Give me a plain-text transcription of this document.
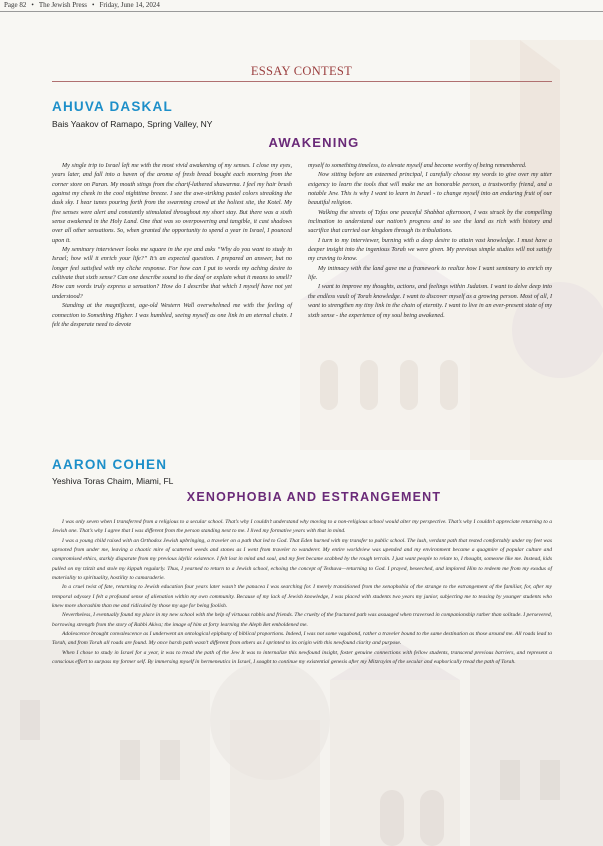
Page 82 • The Jewish Press • Friday, June 14, 2024
ESSAY CONTEST
AHUVA DASKAL
Bais Yaakov of Ramapo, Spring Valley, NY
AWAKENING

My single trip to Israel left me with the most vivid awakening of my senses. I close my eyes, years later, and fall into a haven of the aroma of fresh bread bought each morning from the corner store on Paran. My mouth stings from the charif-lathered shawarma. I feel my hair brush against my cheek in the cool nighttime breeze. I see the awe-striking pastel colors streaking the dusk sky. I hear tunes pouring forth from the swarming crowd at the holiest site, the Kotel. My five senses were alert and constantly stimulated throughout my short stay. But there was a sixth sense awakened in the Holy Land. One that was so overpowering and tangible, it cast shadows over all other sensations. So, when granted the opportunity to spend a year in Israel, I pounced upon it.

My seminary interviewer looks me square in the eye and asks “Why do you want to study in Israel; how will it enrich your life?” It’s an expected question. I prepared an answer, but no longer feel satisfied with my cliche response. For how can I put to words my aching desire to cultivate that sixth sense? Can one describe sound to the deaf or explain what it means to smell? How can words truly express a sensation? How do I describe that which I myself have not yet understood?

Standing at the magnificent, age-old Western Wall overwhelmed me with the feeling of connection to Something Higher. I was humbled, seeing myself as one link in an eternal chain. I felt the desperate need to devote

myself to something timeless, to elevate myself and become worthy of being remembered.

Now sitting before an esteemed principal, I carefully choose my words to give over my utter exigency to learn the tools that will make me an honorable person, a trustworthy friend, and a notable Jew. This is why I want to learn in Israel - to change myself into an enduring fruit of our beautiful religion.

Walking the streets of Tzfas one peaceful Shabbat afternoon, I was struck by the compelling inclination to understand our nation’s progress and to see the land as rich with history and sacrifice that carried our kingdom through its tribulations.

I turn to my interviewer, burning with a deep desire to attain vast knowledge. I must have a deeper insight into the ingenious Torah we were given. My previous simple studies will not satisfy my craving to know.

My intimacy with the land gave me a framework to realize how I want seminary to enrich my life.

I want to improve my thoughts, actions, and feelings within Judaism. I want to delve deep into the endless vault of Torah knowledge. I want to discover myself as a growing person. Most of all, I want to strengthen my tiny link in the chain of eternity. I want to live in an ever-present state of my sixth sense - the experience of my soul being awakened.

AARON COHEN
Yeshiva Toras Chaim, Miami, FL
XENOPHOBIA AND ESTRANGEMENT

I was only seven when I transferred from a religious to a secular school. That’s why I couldn’t understand why moving to a non-religious school would alter my perspective. That’s why I couldn’t appreciate returning to a Jewish one. That’s why I agree that I was different from the person standing next to me. I lived my formative years with that in mind.

I was a young child raised with an Orthodox Jewish upbringing, a traveler on a path that led to God. That Eden hurned with my transfer to public school. The lush, verdant path that rested comfortably under my feet was uprooted from under me, leaving a chaotic mire of scattered weeds and stones as I went from traveler to wanderer. My entire worldview was upended and my environment became a quagmire of popular culture and compromised ethics, starkly disparate from my previous idyllic existence. I felt lost in mind and soul, and my feet became scabbed by the rough terrain. I just want people to relate to, I thought, someone like me. Instead, kids pulled on my tzitzit and stole my kippah regularly. Thus, I yearned to return to a Jewish school, echoing the concept of Teshuva—returning to God. I prayed, beseeched, and implored Him to redeem me from my exodus of materiality to spirituality, hostility to camaraderie.

In a cruel twist of fate, returning to Jewish education four years later wasn’t the panacea I was searching for. I merely transitioned from the xenophobia of the strange to the estrangement of the familiar, for, after my temporal odyssey I felt a profound sense of alienation within my own community. Because of my lack of Jewish knowledge, I was placed with students two years my junior, subjecting me to teasing by younger students who knew more shorashim than me and ridiculed by those my age for being foolish.

Nevertheless, I eventually found my place in my new school with the help of virtuous rabbis and friends. The cruelty of the fractured path was assuaged when traversed in companionship rather than solitude. I persevered, borrowing strength from the story of Rabbi Akiva; the image of him at forty learning the Aleph Bet emboldened me.

Adolescence brought convalescence as I underwent an ontological epiphany of biblical proportions. Indeed, I was not some vagabond, rather a traveler bound to the same destination as those around me. All roads lead to Torah, and from Torah all roads are found. My once harsh path wasn’t different from others as I sprinted to its origin with this newfound clarity and purpose.

When I chose to study in Israel for a year, it was to tread the path of the Jew It was to internalize this newfound insight, foster genuine connections with fellow students, transcend previous barriers, and represent a conscious effort to surpass my former self. By immersing myself in hermeneutics in Israel, I sought to continue my existential genesis after my Mitzrayim of the secular and euphorically tread the path of Torah.
